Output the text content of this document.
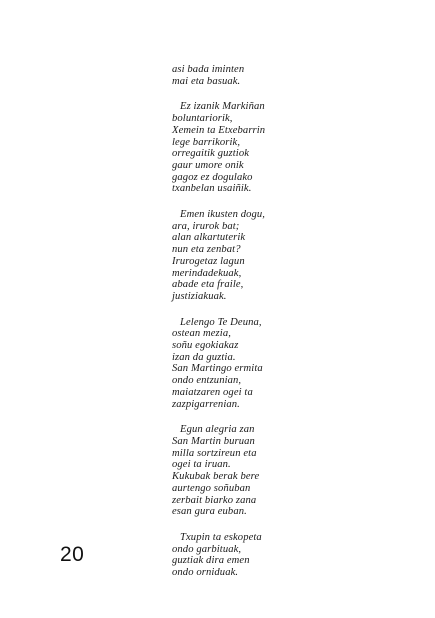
asi bada iminten
mai eta basuak.
Ez izanik Markiñan
boluntariorik,
Xemein ta Etxebarrin
lege barrikorik,
orregaitik guztiok
gaur umore onik
gagoz ez dogulako
txanbelan usaiñik.
Emen ikusten dogu,
ara, irurok bat;
alan alkartuterik
nun eta zenbat?
Irurogetaz lagun
merindadekuak,
abade eta fraile,
justiziakuak.
Lelengo Te Deuna,
ostean mezia,
soñu egokiakaz
izan da guztia.
San Martingo ermita
ondo entzunian,
maiatzaren ogei ta
zazpigarrenian.
Egun alegria zan
San Martin buruan
milla sortzireun eta
ogei ta iruan.
Kukubak berak bere
aurtengo soñuban
zerbait biarko zana
esan gura euban.
Txupin ta eskopeta
ondo garbituak,
guztiak dira emen
ondo orniduak.
20
